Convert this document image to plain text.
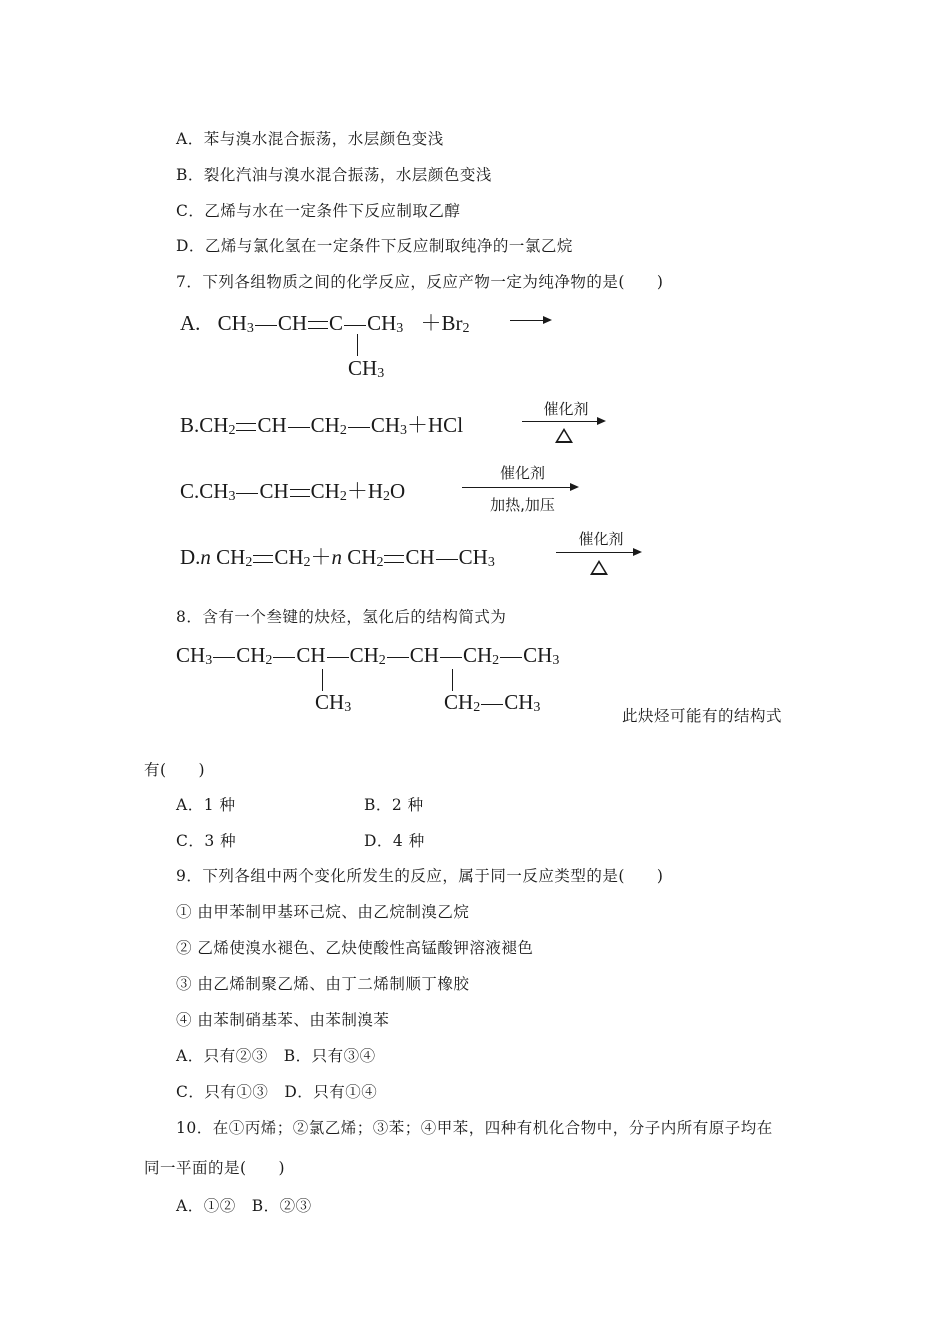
A．苯与溴水混合振荡，水层颜色变浅
B．裂化汽油与溴水混合振荡，水层颜色变浅
C．乙烯与水在一定条件下反应制取乙醇
D．乙烯与氯化氢在一定条件下反应制取纯净的一氯乙烷
7．下列各组物质之间的化学反应，反应产物一定为纯净物的是(　　)
A. $CH_3$ CH C $CH_3 +Br_2$
$CH_3$
$B.CH_2$ CH $CH_2$ $CH_3+HCl$
催化剂
$C.CH_3$ CH $CH_2+H_2O$
催化剂
加热,加压
D.n $CH_2$ $CH_2+n$ $CH_2$ CH $CH_3$
催化剂
8．含有一个叁键的炔烃，氢化后的结构简式为
$CH_3$ $CH_2$ CH $CH_2$ CH $CH_2$ $CH_3$
$CH_3$	$CH_2$ $CH_3$	此炔烃可能有的结构式
有(　　)
A．1 种	B．2 种
C．3 种	D．4 种
9．下列各组中两个变化所发生的反应，属于同一反应类型的是(　　)
① 由甲苯制甲基环己烷、由乙烷制溴乙烷
② 乙烯使溴水褪色、乙炔使酸性高锰酸钾溶液褪色
③ 由乙烯制聚乙烯、由丁二烯制顺丁橡胶
④ 由苯制硝基苯、由苯制溴苯
A．只有②③　B．只有③④
C．只有①③　D．只有①④
10．在①丙烯；②氯乙烯；③苯；④甲苯，四种有机化合物中，分子内所有原子均在
同一平面的是(　　)
A．①②　B．②③
